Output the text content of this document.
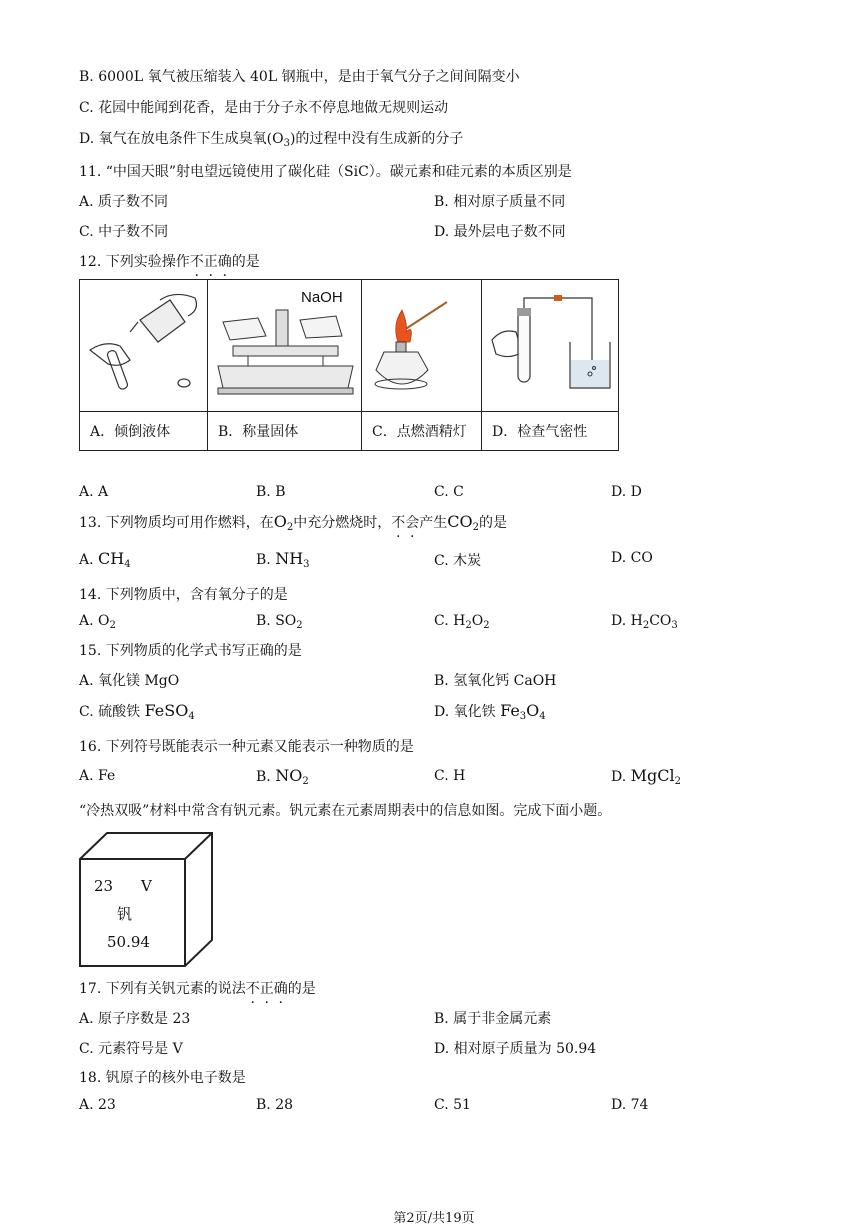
B. 6000L 氧气被压缩装入 40L 钢瓶中，是由于氧气分子之间间隔变小
C. 花园中能闻到花香，是由于分子永不停息地做无规则运动
D. 氧气在放电条件下生成臭氧$(O_3)$的过程中没有生成新的分子
11. “中国天眼”射电望远镜使用了碳化硅（SiC）。碳元素和硅元素的本质区别是
A. 质子数不同	B. 相对原子质量不同
C. 中子数不同	D. 最外层电子数不同
12. 下列实验操作不正确的是

NaOH

A．倾倒液体	B．称量固体	C．点燃酒精灯	D．检查气密性
A. A	B. B	C. C	D. D
13. 下列物质均可用作燃料，在$O_2$中充分燃烧时，不会产生$CO_2$的是
A. $CH_4$	B. $NH_3$	C. 木炭	D. CO
14. 下列物质中，含有氧分子的是
A. $O_2$	B. $SO_2$	C. $H_2O_2$	D. $H_2CO_3$
15. 下列物质的化学式书写正确的是
A. 氧化镁 MgO	B. 氢氧化钙 CaOH
C. 硫酸铁 FeSO$_4$	D. 氧化铁 $Fe_3O_4$
16. 下列符号既能表示一种元素又能表示一种物质的是
A. Fe	B. $NO_2$	C. H	D. MgCl$_2$
“冷热双吸”材料中常含有钒元素。钒元素在元素周期表中的信息如图。完成下面小题。
23 V
钒
50.94
17. 下列有关钒元素的说法不正确的是
A. 原子序数是 23	B. 属于非金属元素
C. 元素符号是 V	D. 相对原子质量为 50.94
18. 钒原子的核外电子数是
A. 23	B. 28	C. 51	D. 74
第2页/共19页
